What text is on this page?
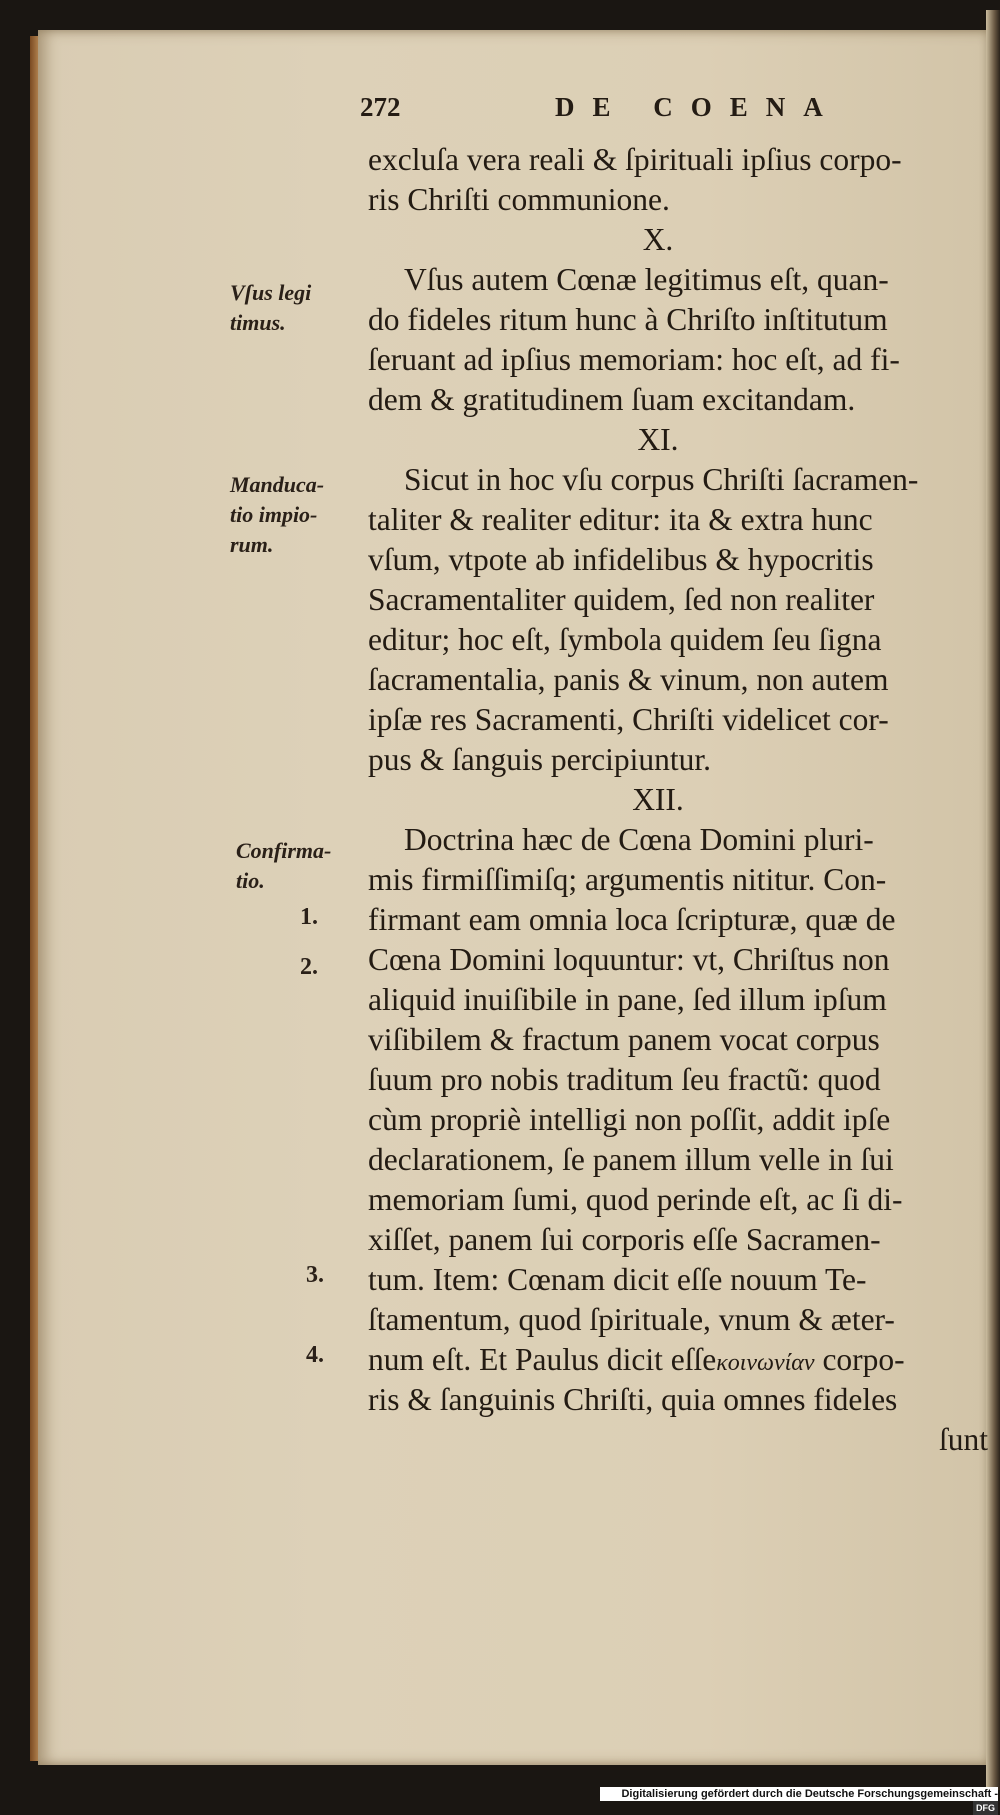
272	DE COENA
excluſa vera reali & ſpirituali ipſius corpo-
ris Chriſti communione.
X.
Vſus autem Cœnæ legitimus eſt, quan-
do fideles ritum hunc à Chriſto inſtitutum
ſeruant ad ipſius memoriam: hoc eſt, ad fi-
dem & gratitudinem ſuam excitandam.
XI.
Sicut in hoc vſu corpus Chriſti ſacramen-
taliter & realiter editur: ita & extra hunc
vſum, vtpote ab infidelibus & hypocritis
Sacramentaliter quidem, ſed non realiter
editur; hoc eſt, ſymbola quidem ſeu ſigna
ſacramentalia, panis & vinum, non autem
ipſæ res Sacramenti, Chriſti videlicet cor-
pus & ſanguis percipiuntur.
XII.
Doctrina hæc de Cœna Domini pluri-
mis firmiſſimiſq; argumentis nititur. Con-
firmant eam omnia loca ſcripturæ, quæ de
Cœna Domini loquuntur: vt, Chriſtus non
aliquid inuiſibile in pane, ſed illum ipſum
viſibilem & fractum panem vocat corpus
ſuum pro nobis traditum ſeu fractũ: quod
cùm propriè intelligi non poſſit, addit ipſe
declarationem, ſe panem illum velle in ſui
memoriam ſumi, quod perinde eſt, ac ſi di-
xiſſet, panem ſui corporis eſſe Sacramen-
tum. Item: Cœnam dicit eſſe nouum Te-
ſtamentum, quod ſpirituale, vnum & æter-
num eſt. Et Paulus dicit eſſeκοινωνίαν corpo-
ris & ſanguinis Chriſti, quia omnes fideles
ſunt
Vſus legi
timus.
Manduca-
tio impio-
rum.
Confirma-
tio.
1.
2.
3.
4.
Digitalisierung gefördert durch die Deutsche Forschungsgemeinschaft -DFG
